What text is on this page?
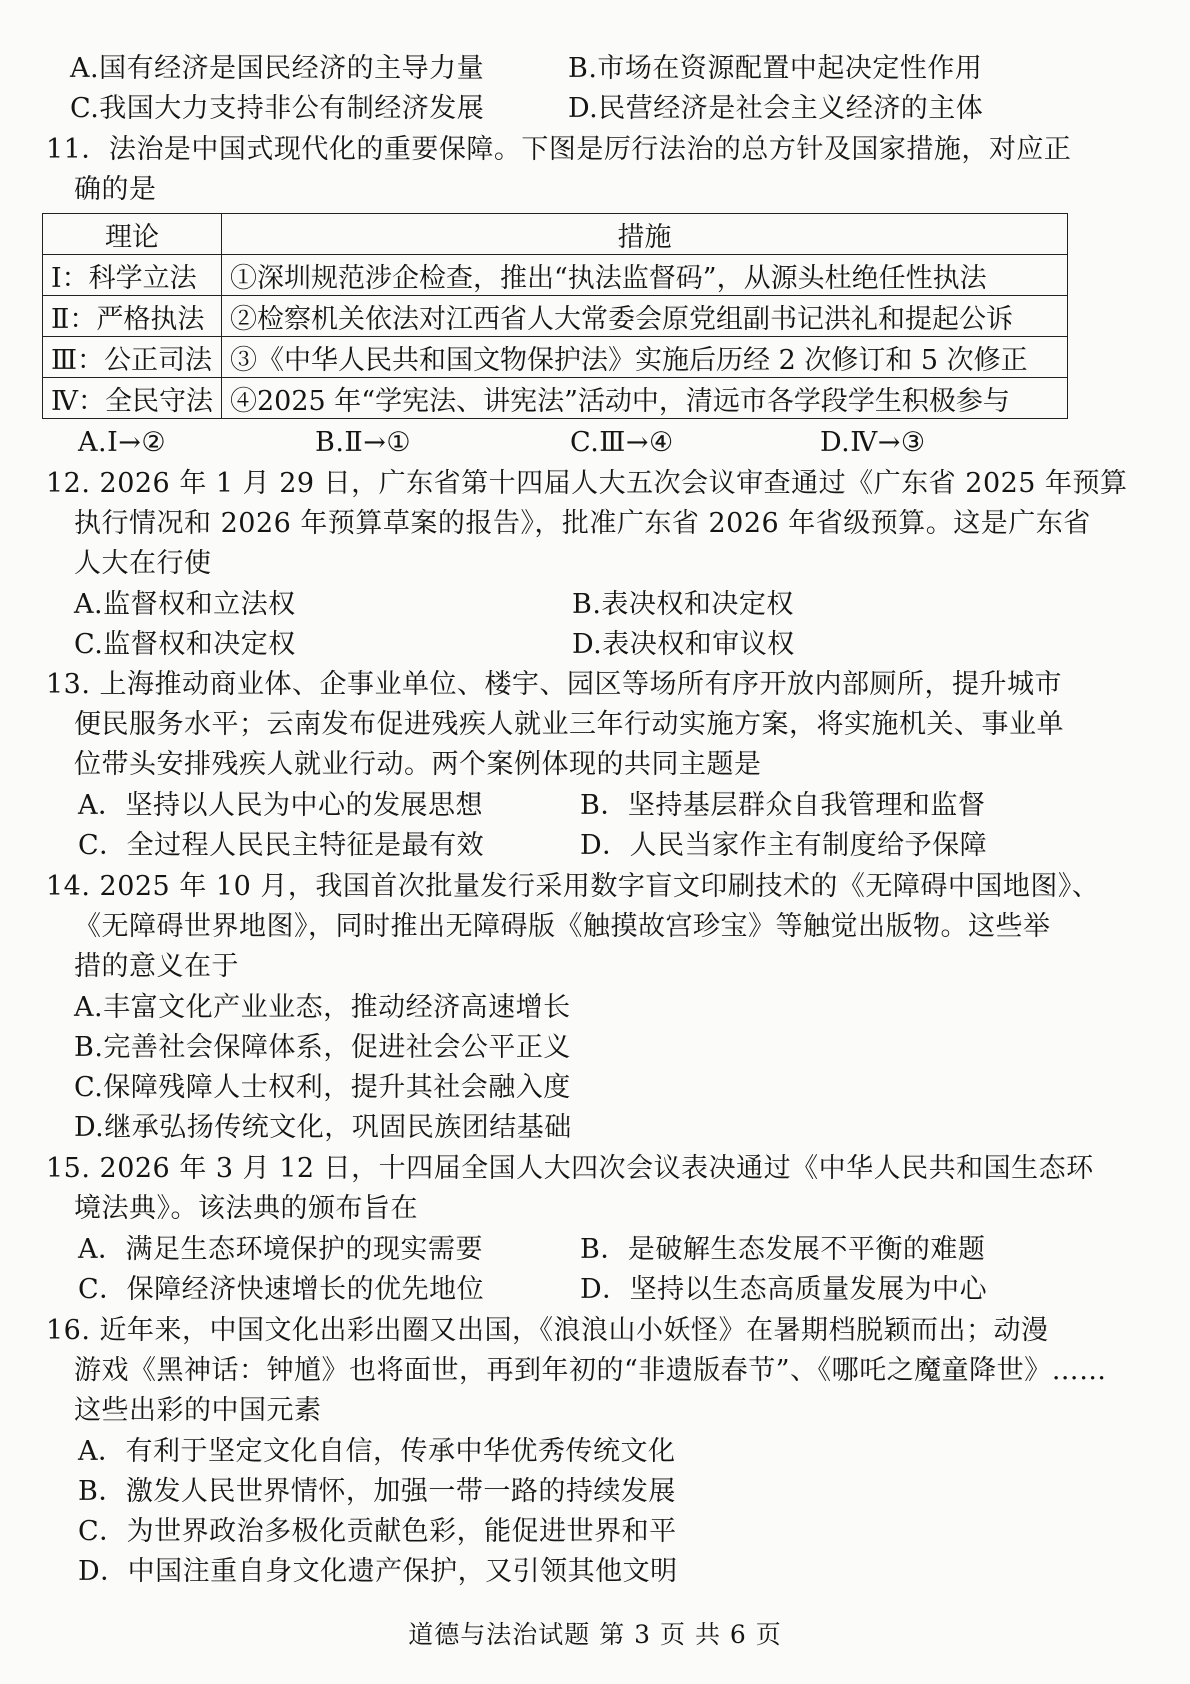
A.国有经济是国民经济的主导力量	B.市场在资源配置中起决定性作用
C.我国大力支持非公有制经济发展	D.民营经济是社会主义经济的主体
11．法治是中国式现代化的重要保障。下图是厉行法治的总方针及国家措施，对应正
确的是
理论	措施
Ⅰ：科学立法	①深圳规范涉企检查，推出“执法监督码”，从源头杜绝任性执法
Ⅱ：严格执法	②检察机关依法对江西省人大常委会原党组副书记洪礼和提起公诉
Ⅲ：公正司法	③《中华人民共和国文物保护法》实施后历经 2 次修订和 5 次修正
Ⅳ：全民守法	④2025 年“学宪法、讲宪法”活动中，清远市各学段学生积极参与
A.Ⅰ→②	B.Ⅱ→①	C.Ⅲ→④	D.Ⅳ→③
12. 2026 年 1 月 29 日，广东省第十四届人大五次会议审查通过《广东省 2025 年预算
执行情况和 2026 年预算草案的报告》，批准广东省 2026 年省级预算。这是广东省
人大在行使
A.监督权和立法权	B.表决权和决定权
C.监督权和决定权	D.表决权和审议权
13. 上海推动商业体、企事业单位、楼宇、园区等场所有序开放内部厕所，提升城市
便民服务水平；云南发布促进残疾人就业三年行动实施方案，将实施机关、事业单
位带头安排残疾人就业行动。两个案例体现的共同主题是
A．坚持以人民为中心的发展思想	B．坚持基层群众自我管理和监督
C．全过程人民民主特征是最有效	D．人民当家作主有制度给予保障
14. 2025 年 10 月，我国首次批量发行采用数字盲文印刷技术的《无障碍中国地图》、
《无障碍世界地图》，同时推出无障碍版《触摸故宫珍宝》等触觉出版物。这些举
措的意义在于
A.丰富文化产业业态，推动经济高速增长
B.完善社会保障体系，促进社会公平正义
C.保障残障人士权利，提升其社会融入度
D.继承弘扬传统文化，巩固民族团结基础
15. 2026 年 3 月 12 日，十四届全国人大四次会议表决通过《中华人民共和国生态环
境法典》。该法典的颁布旨在
A．满足生态环境保护的现实需要	B．是破解生态发展不平衡的难题
C．保障经济快速增长的优先地位	D．坚持以生态高质量发展为中心
16. 近年来，中国文化出彩出圈又出国，《浪浪山小妖怪》在暑期档脱颖而出；动漫
游戏《黑神话：钟馗》也将面世，再到年初的“非遗版春节”、《哪吒之魔童降世》……
这些出彩的中国元素
A．有利于坚定文化自信，传承中华优秀传统文化
B．激发人民世界情怀，加强一带一路的持续发展
C．为世界政治多极化贡献色彩，能促进世界和平
D．中国注重自身文化遗产保护，又引领其他文明
道德与法治试题 第 3 页 共 6 页
